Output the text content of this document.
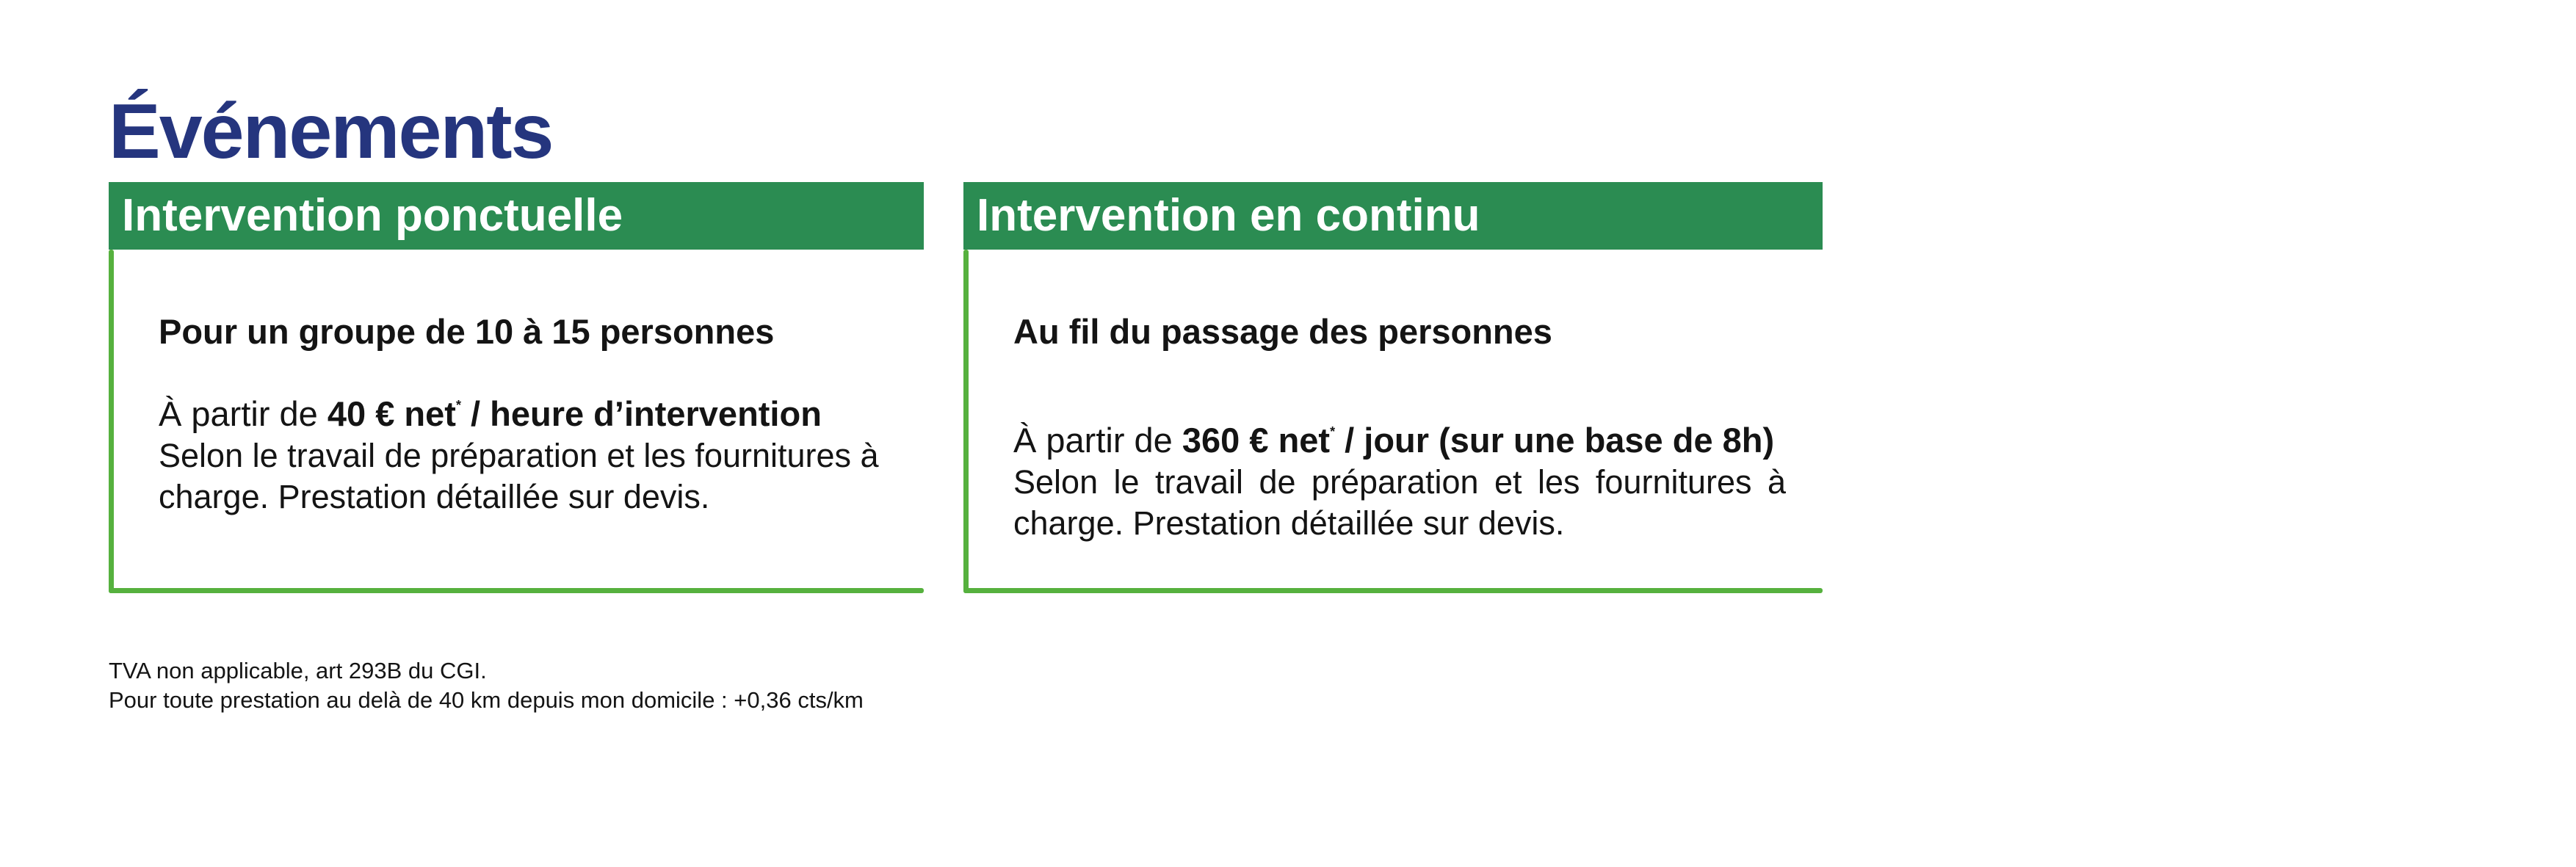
Événements
Intervention ponctuelle

Pour un groupe de 10 à 15 personnes

À partir de 40 € net* / heure d’intervention

Selon le travail de préparation et les fournitures à charge. Prestation détaillée sur devis.

Intervention en continu

Au fil du passage des personnes

À partir de 360 € net* / jour (sur une base de 8h)

Selon le travail de préparation et les fournitures à charge. Prestation détaillée sur devis.

TVA non applicable, art 293B du CGI.
Pour toute prestation au delà de 40 km depuis mon domicile : +0,36 cts/km
